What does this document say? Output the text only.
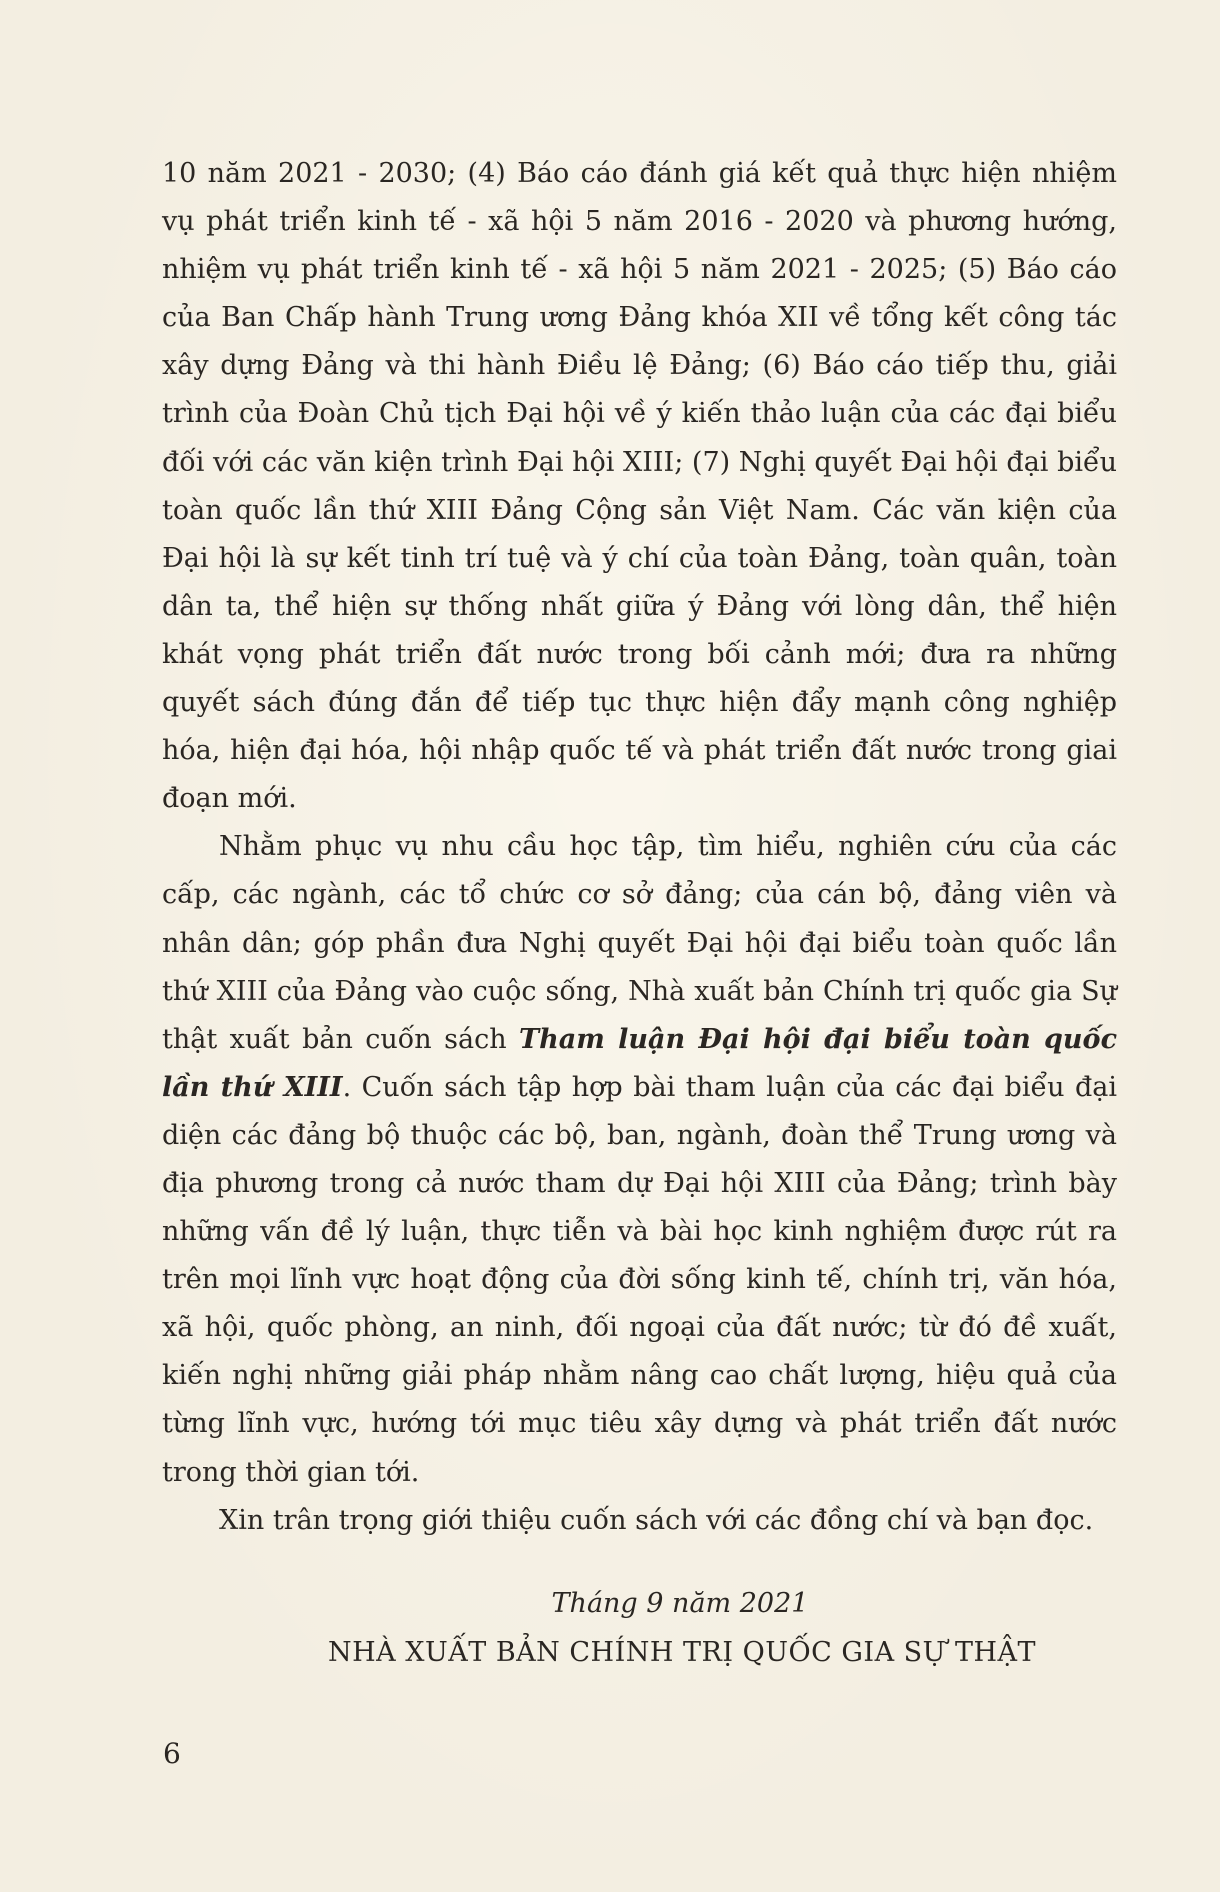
10 năm 2021 - 2030; (4) Báo cáo đánh giá kết quả thực hiện nhiệm vụ phát triển kinh tế - xã hội 5 năm 2016 - 2020 và phương hướng, nhiệm vụ phát triển kinh tế - xã hội 5 năm 2021 - 2025; (5) Báo cáo của Ban Chấp hành Trung ương Đảng khóa XII về tổng kết công tác xây dựng Đảng và thi hành Điều lệ Đảng; (6) Báo cáo tiếp thu, giải trình của Đoàn Chủ tịch Đại hội về ý kiến thảo luận của các đại biểu đối với các văn kiện trình Đại hội XIII; (7) Nghị quyết Đại hội đại biểu toàn quốc lần thứ XIII Đảng Cộng sản Việt Nam. Các văn kiện của Đại hội là sự kết tinh trí tuệ và ý chí của toàn Đảng, toàn quân, toàn dân ta, thể hiện sự thống nhất giữa ý Đảng với lòng dân, thể hiện khát vọng phát triển đất nước trong bối cảnh mới; đưa ra những quyết sách đúng đắn để tiếp tục thực hiện đẩy mạnh công nghiệp hóa, hiện đại hóa, hội nhập quốc tế và phát triển đất nước trong giai đoạn mới.

Nhằm phục vụ nhu cầu học tập, tìm hiểu, nghiên cứu của các cấp, các ngành, các tổ chức cơ sở đảng; của cán bộ, đảng viên và nhân dân; góp phần đưa Nghị quyết Đại hội đại biểu toàn quốc lần thứ XIII của Đảng vào cuộc sống, Nhà xuất bản Chính trị quốc gia Sự thật xuất bản cuốn sách Tham luận Đại hội đại biểu toàn quốc lần thứ XIII. Cuốn sách tập hợp bài tham luận của các đại biểu đại diện các đảng bộ thuộc các bộ, ban, ngành, đoàn thể Trung ương và địa phương trong cả nước tham dự Đại hội XIII của Đảng; trình bày những vấn đề lý luận, thực tiễn và bài học kinh nghiệm được rút ra trên mọi lĩnh vực hoạt động của đời sống kinh tế, chính trị, văn hóa, xã hội, quốc phòng, an ninh, đối ngoại của đất nước; từ đó đề xuất, kiến nghị những giải pháp nhằm nâng cao chất lượng, hiệu quả của từng lĩnh vực, hướng tới mục tiêu xây dựng và phát triển đất nước trong thời gian tới.

Xin trân trọng giới thiệu cuốn sách với các đồng chí và bạn đọc.

Tháng 9 năm 2021
NHÀ XUẤT BẢN CHÍNH TRỊ QUỐC GIA SỰ THẬT
6
